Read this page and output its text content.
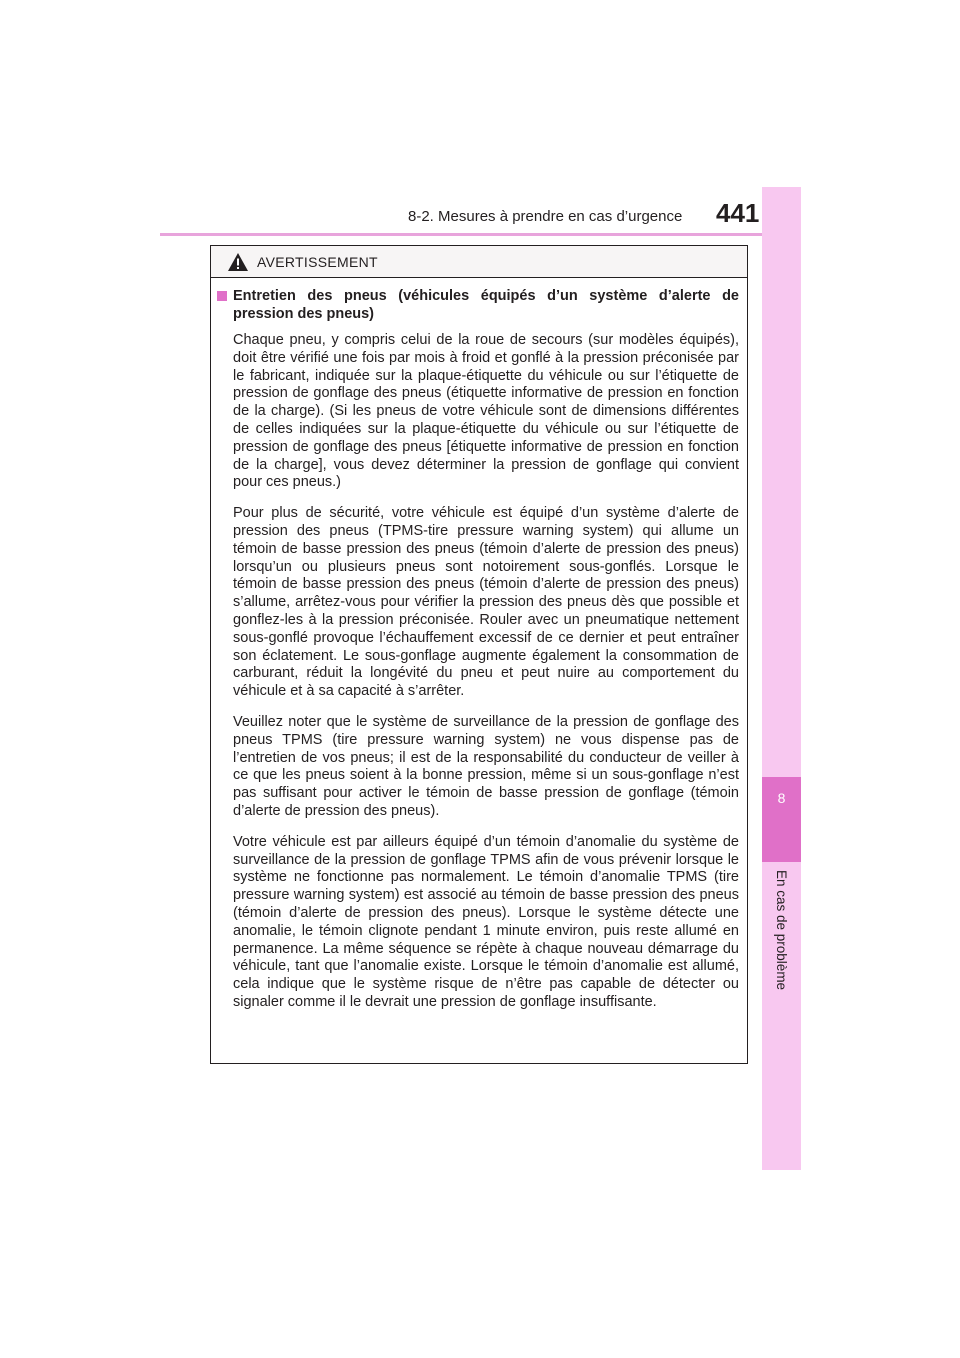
8-2. Mesures à prendre en cas d’urgence 441
8
En cas de problème
AVERTISSEMENT
Entretien des pneus (véhicules équipés d’un système d’alerte de pression des pneus)

Chaque pneu, y compris celui de la roue de secours (sur modèles équipés), doit être vérifié une fois par mois à froid et gonflé à la pression préconisée par le fabricant, indiquée sur la plaque-étiquette du véhicule ou sur l’étiquette de pression de gonflage des pneus (étiquette informative de pression en fonction de la charge). (Si les pneus de votre véhicule sont de dimensions différentes de celles indiquées sur la plaque-étiquette du véhicule ou sur l’étiquette de pression de gonflage des pneus [étiquette informative de pression en fonction de la charge], vous devez déterminer la pression de gonflage qui convient pour ces pneus.)

Pour plus de sécurité, votre véhicule est équipé d’un système d’alerte de pression des pneus (TPMS-tire pressure warning system) qui allume un témoin de basse pression des pneus (témoin d’alerte de pression des pneus) lorsqu’un ou plusieurs pneus sont notoirement sous-gonflés. Lorsque le témoin de basse pression des pneus (témoin d’alerte de pression des pneus) s’allume, arrêtez-vous pour vérifier la pression des pneus dès que possible et gonflez-les à la pression préconisée. Rouler avec un pneumatique nettement sous-gonflé provoque l’échauffement excessif de ce dernier et peut entraîner son éclatement. Le sous-gonflage augmente également la consommation de carburant, réduit la longévité du pneu et peut nuire au comportement du véhicule et à sa capacité à s’arrêter.

Veuillez noter que le système de surveillance de la pression de gonflage des pneus TPMS (tire pressure warning system) ne vous dispense pas de l’entretien de vos pneus; il est de la responsabilité du conducteur de veiller à ce que les pneus soient à la bonne pression, même si un sous-gonflage n’est pas suffisant pour activer le témoin de basse pression de gonflage (témoin d’alerte de pression des pneus).

Votre véhicule est par ailleurs équipé d’un témoin d’anomalie du système de surveillance de la pression de gonflage TPMS afin de vous prévenir lorsque le système ne fonctionne pas normalement. Le témoin d’anomalie TPMS (tire pressure warning system) est associé au témoin de basse pression des pneus (témoin d’alerte de pression des pneus). Lorsque le système détecte une anomalie, le témoin clignote pendant 1 minute environ, puis reste allumé en permanence. La même séquence se répète à chaque nouveau démarrage du véhicule, tant que l’anomalie existe. Lorsque le témoin d’anomalie est allumé, cela indique que le système risque de n’être pas capable de détecter ou signaler comme il le devrait une pression de gonflage insuffisante.
